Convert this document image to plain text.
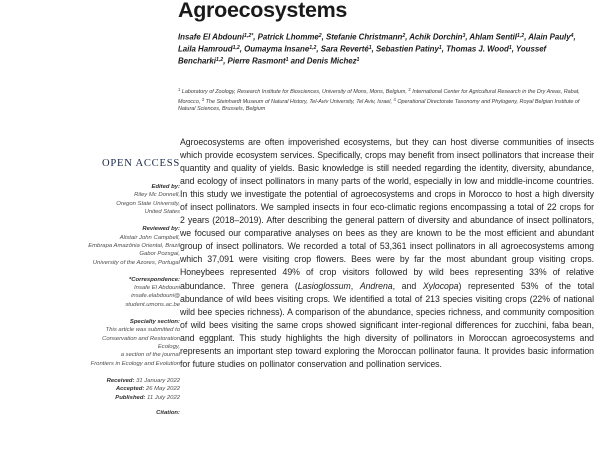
Agroecosystems
Insafe El Abdouni$^{1,2*}$, Patrick Lhomme$^2$, Stefanie Christmann$^2$, Achik Dorchin$^3$, Ahlam Sentil$^{1,2}$, Alain Pauly$^4$, Laila Hamroud$^{1,2}$, Oumayma Insane$^{1,2}$, Sara Reverté$^1$, Sebastien Patiny$^1$, Thomas J. Wood$^1$, Youssef Bencharki$^{1,2}$, Pierre Rasmont$^1$ and Denis Michez$^1$
$^1$ Laboratory of Zoology, Research Institute for Biosciences, University of Mons, Mons, Belgium, $^2$ International Center for Agricultural Research in the Dry Areas, Rabat, Morocco, $^3$ The Steinhardt Museum of Natural History, Tel-Aviv University, Tel Aviv, Israel, $^4$ Operational Directorate Taxonomy and Phylogeny, Royal Belgian Institute of Natural Sciences, Brussels, Belgium
Agroecosystems are often impoverished ecosystems, but they can host diverse communities of insects which provide ecosystem services. Specifically, crops may benefit from insect pollinators that increase their quantity and quality of yields. Basic knowledge is still needed regarding the identity, diversity, abundance, and ecology of insect pollinators in many parts of the world, especially in low and middle-income countries. In this study we investigate the potential of agroecosystems and crops in Morocco to host a high diversity of insect pollinators. We sampled insects in four eco-climatic regions encompassing a total of 22 crops for 2 years (2018–2019). After describing the general pattern of diversity and abundance of insect pollinators, we focused our comparative analyses on bees as they are known to be the most efficient and abundant group of insect pollinators. We recorded a total of 53,361 insect pollinators in all agroecosystems among which 37,091 were visiting crop flowers. Bees were by far the most abundant group visiting crops. Honeybees represented 49% of crop visitors followed by wild bees representing 33% of relative abundance. Three genera (Lasioglossum, Andrena, and Xylocopa) represented 53% of the total abundance of wild bees visiting crops. We identified a total of 213 species visiting crops (22% of national wild bee species richness). A comparison of the abundance, species richness, and community composition of wild bees visiting the same crops showed significant inter-regional differences for zucchini, faba bean, and eggplant. This study highlights the high diversity of pollinators in Moroccan agroecosystems and represents an important step toward exploring the Moroccan pollinator fauna. It provides basic information for future studies on pollinator conservation and pollination services.
OPEN ACCESS
Edited by:
Riley Mc Donnell,
Oregon State University,
United States
Reviewed by:
Alistair John Campbell,
Embrapa Amazônia Oriental, Brazil
Gabor Pozsgai,
University of the Azores, Portugal
*Correspondence:
Insafe El Abdouni
insafe.elabdouni@
student.umons.ac.be
Specialty section:
This article was submitted to
Conservation and Restoration
Ecology,
a section of the journal
Frontiers in Ecology and Evolution
Received: 31 January 2022
Accepted: 26 May 2022
Published: 11 July 2022
Citation:
